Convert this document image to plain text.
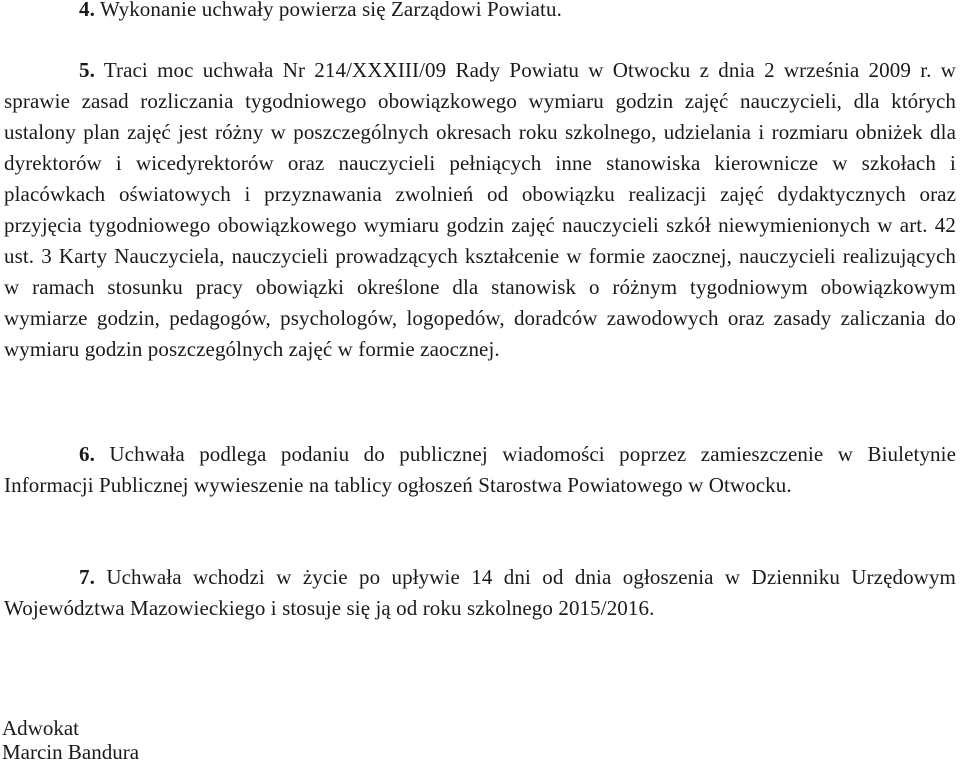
4. Wykonanie uchwały powierza się Zarządowi Powiatu.

5. Traci moc uchwała Nr 214/XXXIII/09 Rady Powiatu w Otwocku z dnia 2 września 2009 r. w sprawie zasad rozliczania tygodniowego obowiązkowego wymiaru godzin zajęć nauczycieli, dla których ustalony plan zajęć jest różny w poszczególnych okresach roku szkolnego, udzielania i rozmiaru obniżek dla dyrektorów i wicedyrektorów oraz nauczycieli pełniących inne stanowiska kierownicze w szkołach i placówkach oświatowych i przyznawania zwolnień od obowiązku realizacji zajęć dydaktycznych oraz przyjęcia tygodniowego obowiązkowego wymiaru godzin zajęć nauczycieli szkół niewymienionych w art. 42 ust. 3 Karty Nauczyciela, nauczycieli prowadzących kształcenie w formie zaocznej, nauczycieli realizujących w ramach stosunku pracy obowiązki określone dla stanowisk o różnym tygodniowym obowiązkowym wymiarze godzin, pedagogów, psychologów, logopedów, doradców zawodowych oraz zasady zaliczania do wymiaru godzin poszczególnych zajęć w formie zaocznej.

6. Uchwała podlega podaniu do publicznej wiadomości poprzez zamieszczenie w Biuletynie Informacji Publicznej wywieszenie na tablicy ogłoszeń Starostwa Powiatowego w Otwocku.

7. Uchwała wchodzi w życie po upływie 14 dni od dnia ogłoszenia w Dzienniku Urzędowym Województwa Mazowieckiego i stosuje się ją od roku szkolnego 2015/2016.

Adwokat

Marcin Bandura
